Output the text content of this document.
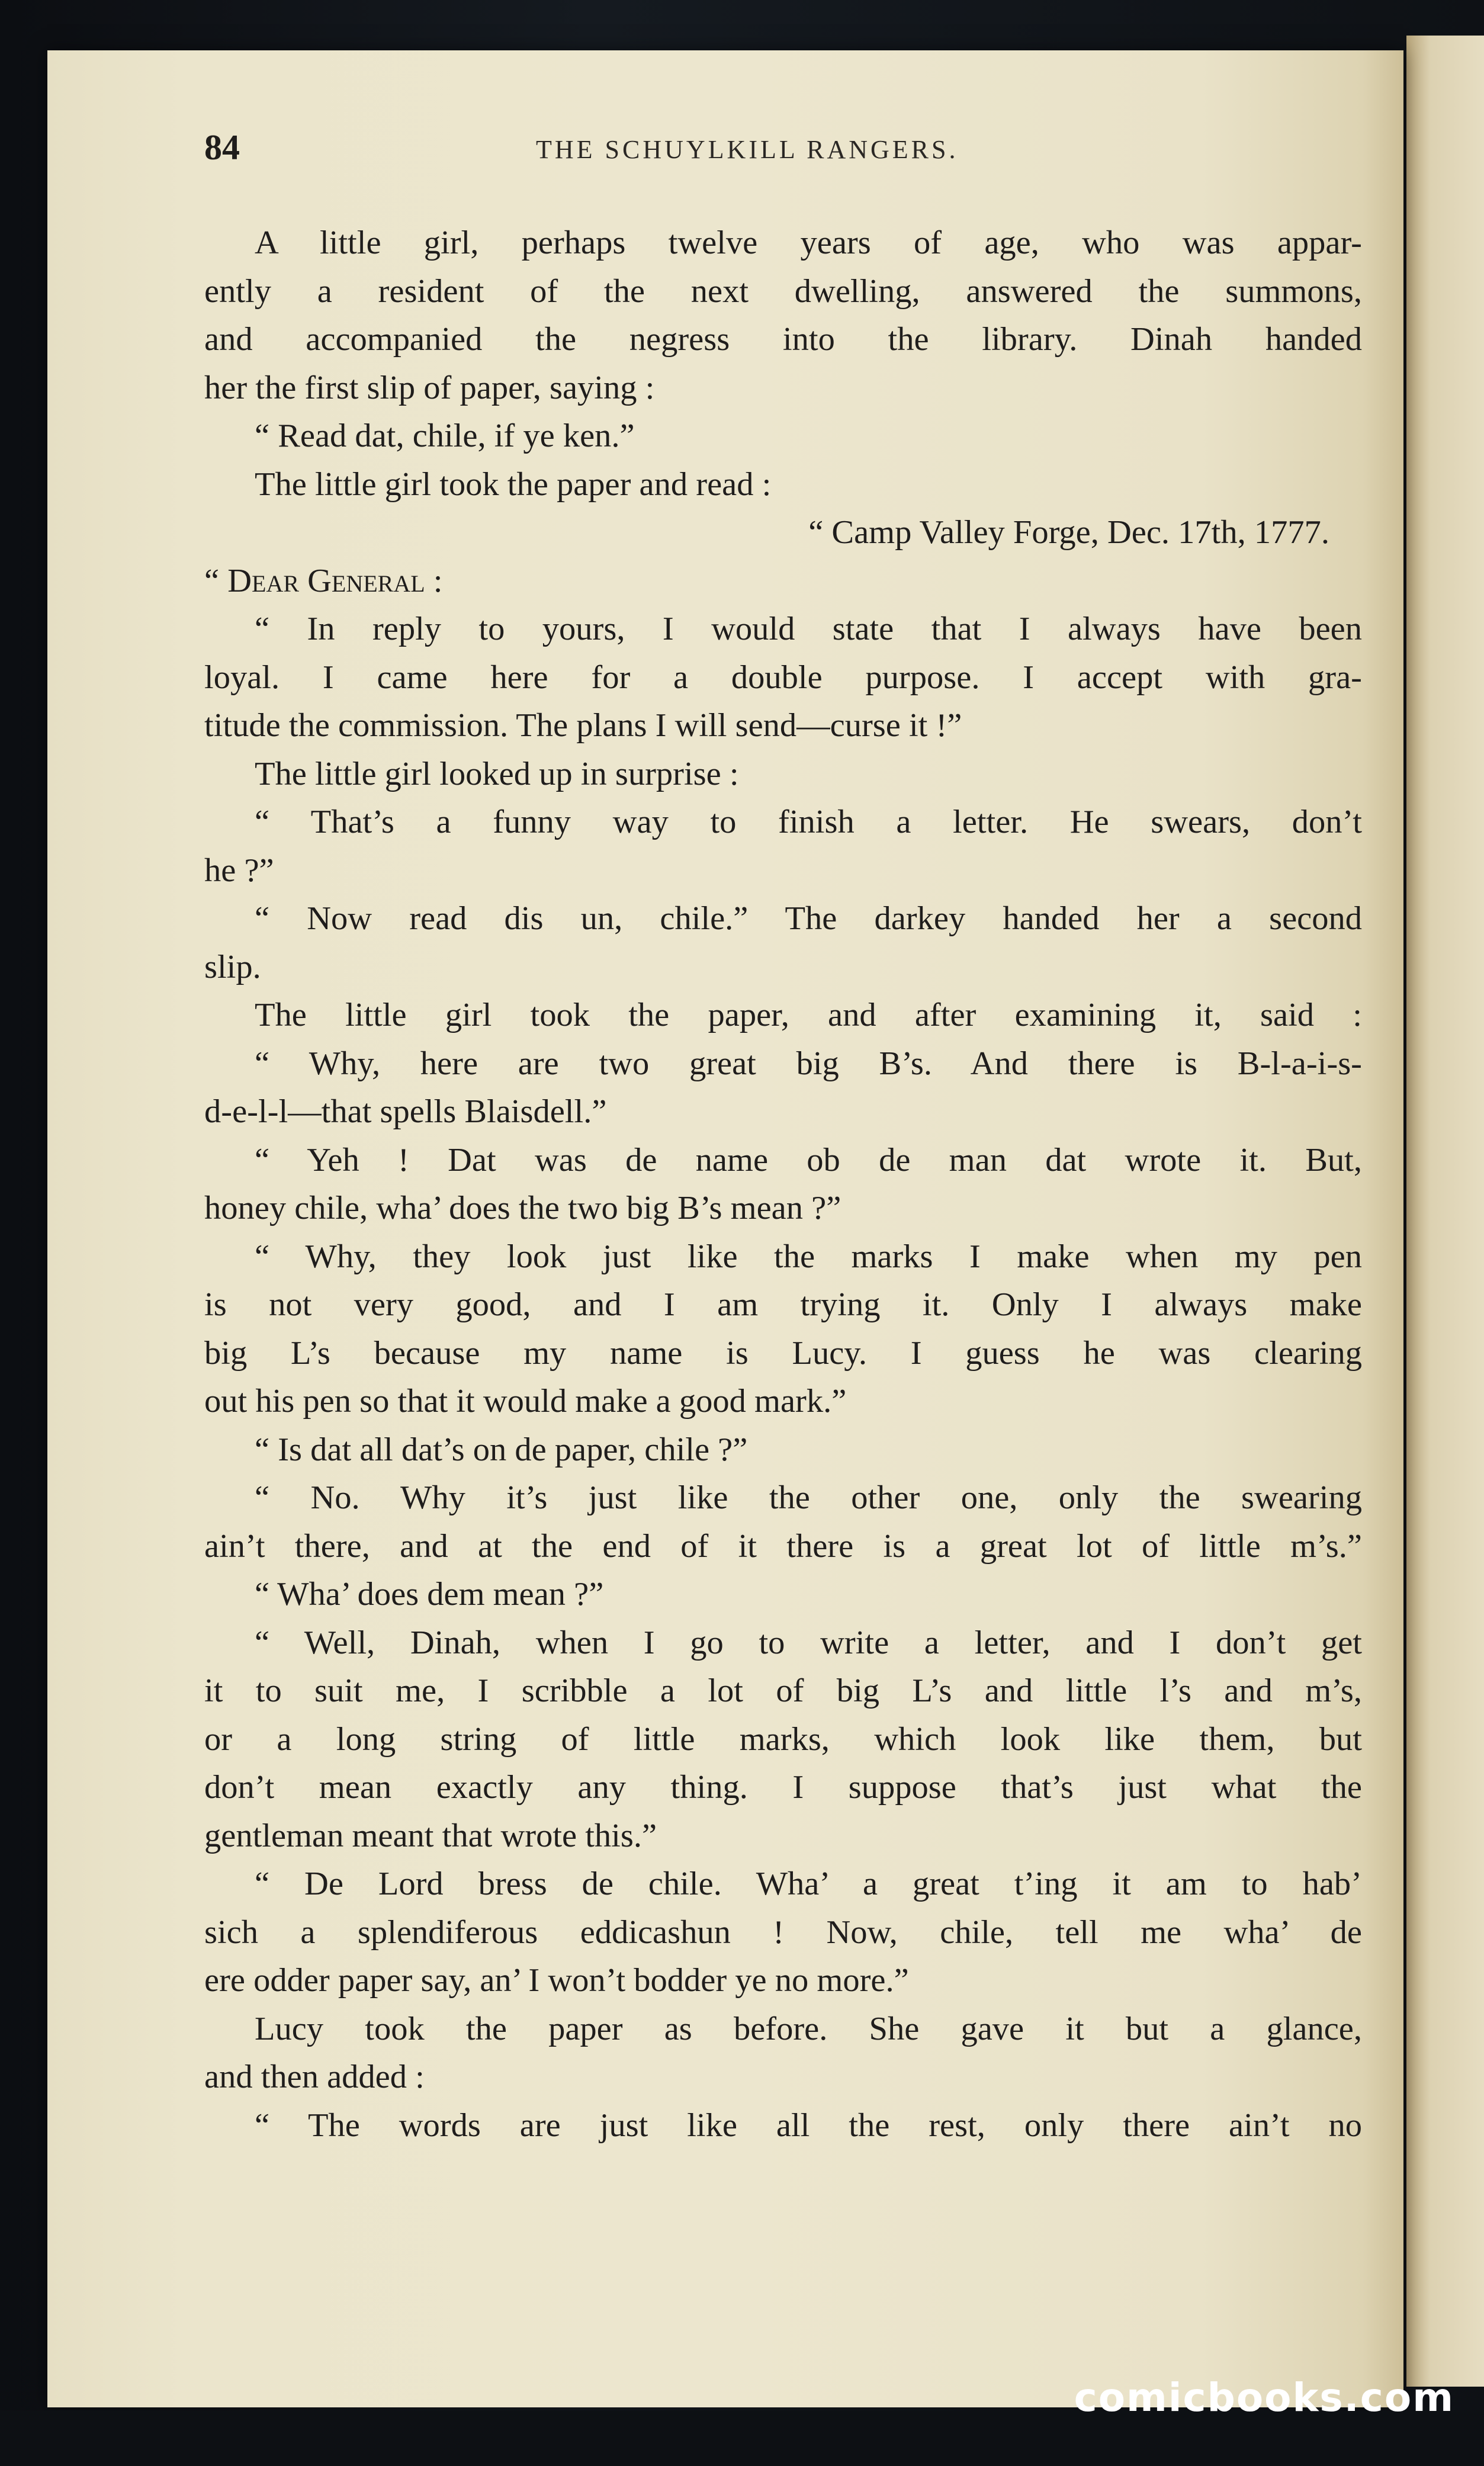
84	THE SCHUYLKILL RANGERS.
A little girl, perhaps twelve years of age, who was appar-
ently a resident of the next dwelling, answered the summons,
and accompanied the negress into the library. Dinah handed
her the first slip of paper, saying :
“ Read dat, chile, if ye ken.”
The little girl took the paper and read :
“ Camp Valley Forge, Dec. 17th, 1777.
“ Dear General :
“ In reply to yours, I would state that I always have been
loyal. I came here for a double purpose. I accept with gra-
titude the commission. The plans I will send—curse it !”
The little girl looked up in surprise :
“ That’s a funny way to finish a letter. He swears, don’t
he ?”
“ Now read dis un, chile.” The darkey handed her a second
slip.
The little girl took the paper, and after examining it, said :
“ Why, here are two great big B’s. And there is B-l-a-i-s-
d-e-l-l—that spells Blaisdell.”
“ Yeh ! Dat was de name ob de man dat wrote it. But,
honey chile, wha’ does the two big B’s mean ?”
“ Why, they look just like the marks I make when my pen
is not very good, and I am trying it. Only I always make
big L’s because my name is Lucy. I guess he was clearing
out his pen so that it would make a good mark.”
“ Is dat all dat’s on de paper, chile ?”
“ No. Why it’s just like the other one, only the swearing
ain’t there, and at the end of it there is a great lot of little m’s.”
“ Wha’ does dem mean ?”
“ Well, Dinah, when I go to write a letter, and I don’t get
it to suit me, I scribble a lot of big L’s and little l’s and m’s,
or a long string of little marks, which look like them, but
don’t mean exactly any thing. I suppose that’s just what the
gentleman meant that wrote this.”
“ De Lord bress de chile. Wha’ a great t’ing it am to hab’
sich a splendiferous eddicashun ! Now, chile, tell me wha’ de
ere odder paper say, an’ I won’t bodder ye no more.”
Lucy took the paper as before. She gave it but a glance,
and then added :
“ The words are just like all the rest, only there ain’t no
comicbooks.com
